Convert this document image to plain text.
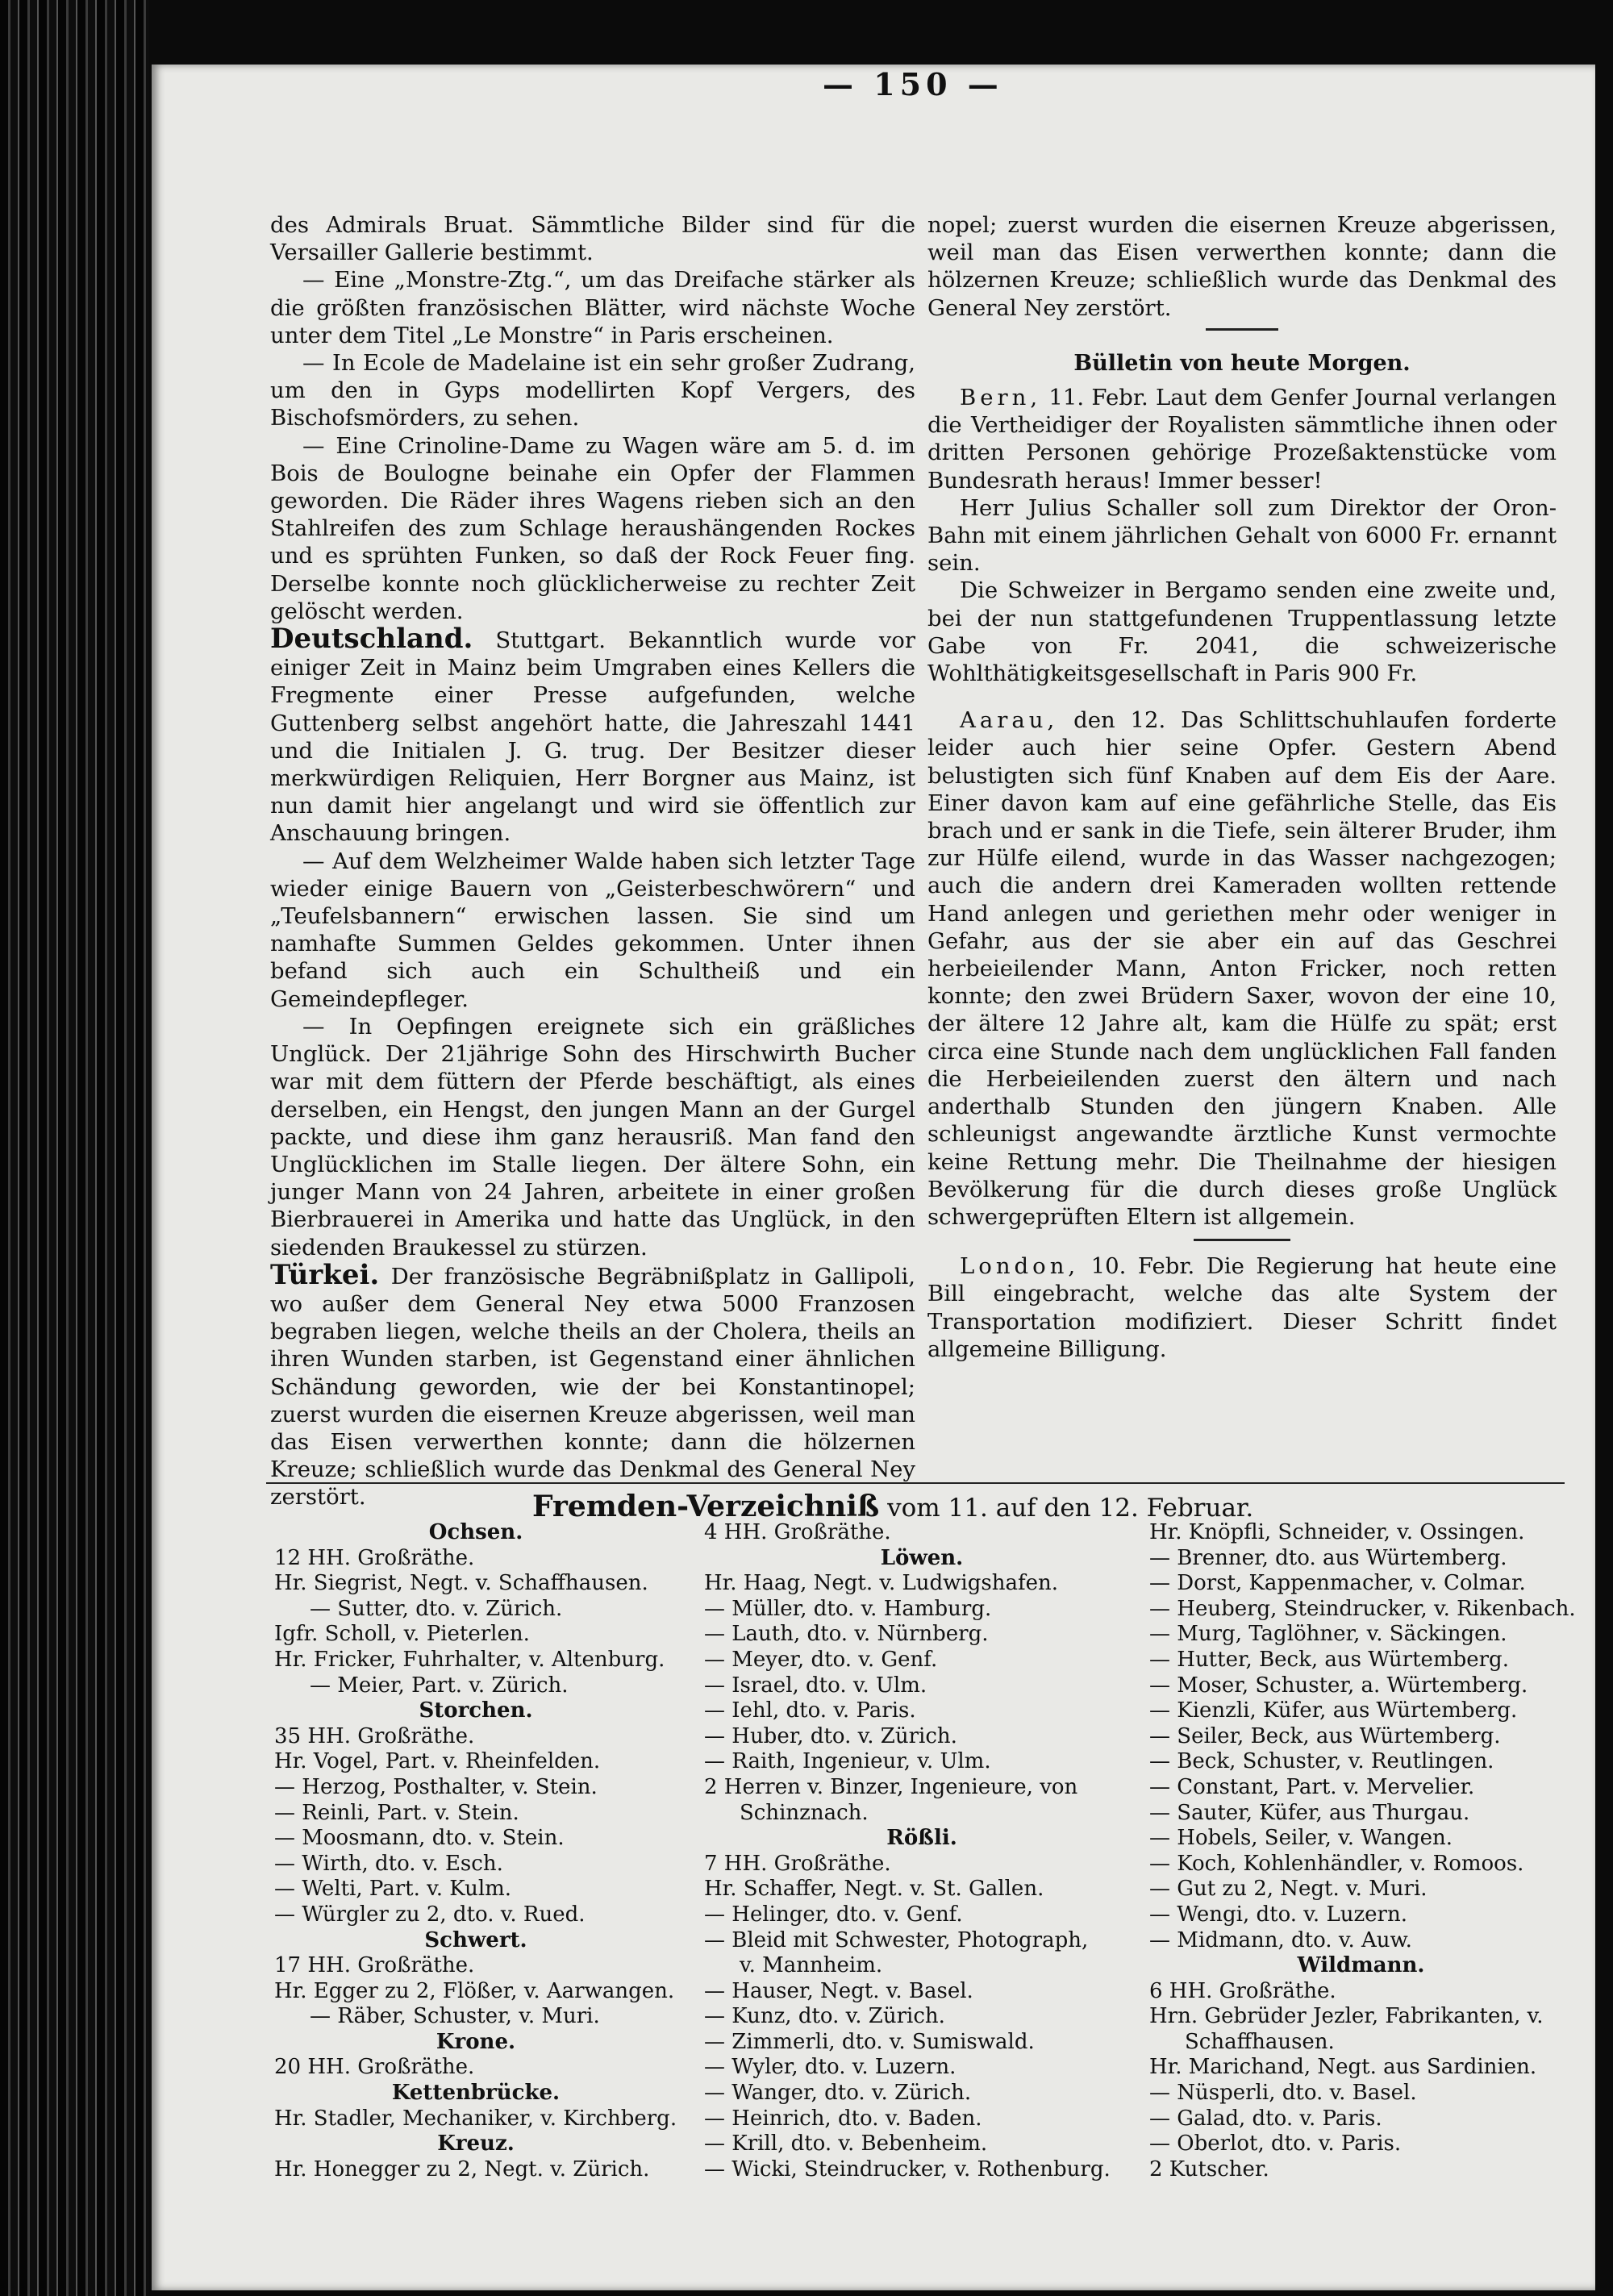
— 150 —

des Admirals Bruat. Sämmtliche Bilder sind für die Versailler Gallerie bestimmt.

— Eine „Monstre-Ztg.“, um das Dreifache stärker als die größten französischen Blätter, wird nächste Woche unter dem Titel „Le Monstre“ in Paris erscheinen.

— In Ecole de Madelaine ist ein sehr großer Zudrang, um den in Gyps modellirten Kopf Vergers, des Bischofsmörders, zu sehen.

— Eine Crinoline-Dame zu Wagen wäre am 5. d. im Bois de Boulogne beinahe ein Opfer der Flammen geworden. Die Räder ihres Wagens rieben sich an den Stahlreifen des zum Schlage heraushängenden Rockes und es sprühten Funken, so daß der Rock Feuer fing. Derselbe konnte noch glücklicherweise zu rechter Zeit gelöscht werden.

Deutschland. Stuttgart. Bekanntlich wurde vor einiger Zeit in Mainz beim Umgraben eines Kellers die Fregmente einer Presse aufgefunden, welche Guttenberg selbst angehört hatte, die Jahreszahl 1441 und die Initialen J. G. trug. Der Besitzer dieser merkwürdigen Reliquien, Herr Borgner aus Mainz, ist nun damit hier angelangt und wird sie öffentlich zur Anschauung bringen.

— Auf dem Welzheimer Walde haben sich letzter Tage wieder einige Bauern von „Geisterbeschwörern“ und „Teufelsbannern“ erwischen lassen. Sie sind um namhafte Summen Geldes gekommen. Unter ihnen befand sich auch ein Schultheiß und ein Gemeindepfleger.

— In Oepfingen ereignete sich ein gräßliches Unglück. Der 21jährige Sohn des Hirschwirth Bucher war mit dem füttern der Pferde beschäftigt, als eines derselben, ein Hengst, den jungen Mann an der Gurgel packte, und diese ihm ganz herausriß. Man fand den Unglücklichen im Stalle liegen. Der ältere Sohn, ein junger Mann von 24 Jahren, arbeitete in einer großen Bierbrauerei in Amerika und hatte das Unglück, in den siedenden Braukessel zu stürzen.

Türkei. Der französische Begräbnißplatz in Gallipoli, wo außer dem General Ney etwa 5000 Franzosen begraben liegen, welche theils an der Cholera, theils an ihren Wunden starben, ist Gegenstand einer ähnlichen Schändung geworden, wie der bei Konstantinopel; zuerst wurden die eisernen Kreuze abgerissen, weil man das Eisen verwerthen konnte; dann die hölzernen Kreuze; schließlich wurde das Denkmal des General Ney zerstört.

nopel; zuerst wurden die eisernen Kreuze abgerissen, weil man das Eisen verwerthen konnte; dann die hölzernen Kreuze; schließlich wurde das Denkmal des General Ney zerstört.

Bülletin von heute Morgen.

Bern, 11. Febr. Laut dem Genfer Journal verlangen die Vertheidiger der Royalisten sämmtliche ihnen oder dritten Personen gehörige Prozeßaktenstücke vom Bundesrath heraus! Immer besser!

Herr Julius Schaller soll zum Direktor der Oron-Bahn mit einem jährlichen Gehalt von 6000 Fr. ernannt sein.

Die Schweizer in Bergamo senden eine zweite und, bei der nun stattgefundenen Truppentlassung letzte Gabe von Fr. 2041, die schweizerische Wohlthätigkeitsgesellschaft in Paris 900 Fr.

Aarau, den 12. Das Schlittschuhlaufen forderte leider auch hier seine Opfer. Gestern Abend belustigten sich fünf Knaben auf dem Eis der Aare. Einer davon kam auf eine gefährliche Stelle, das Eis brach und er sank in die Tiefe, sein älterer Bruder, ihm zur Hülfe eilend, wurde in das Wasser nachgezogen; auch die andern drei Kameraden wollten rettende Hand anlegen und geriethen mehr oder weniger in Gefahr, aus der sie aber ein auf das Geschrei herbeieilender Mann, Anton Fricker, noch retten konnte; den zwei Brüdern Saxer, wovon der eine 10, der ältere 12 Jahre alt, kam die Hülfe zu spät; erst circa eine Stunde nach dem unglücklichen Fall fanden die Herbeieilenden zuerst den ältern und nach anderthalb Stunden den jüngern Knaben. Alle schleunigst angewandte ärztliche Kunst vermochte keine Rettung mehr. Die Theilnahme der hiesigen Bevölkerung für die durch dieses große Unglück schwergeprüften Eltern ist allgemein.

London, 10. Febr. Die Regierung hat heute eine Bill eingebracht, welche das alte System der Transportation modifiziert. Dieser Schritt findet allgemeine Billigung.

Fremden-Verzeichniß vom 11. auf den 12. Februar.
Ochsen.
12 HH. Großräthe.
Hr. Siegrist, Negt. v. Schaffhausen.
— Sutter, dto. v. Zürich.
Igfr. Scholl, v. Pieterlen.
Hr. Fricker, Fuhrhalter, v. Altenburg.
— Meier, Part. v. Zürich.
Storchen.
35 HH. Großräthe.
Hr. Vogel, Part. v. Rheinfelden.
— Herzog, Posthalter, v. Stein.
— Reinli, Part. v. Stein.
— Moosmann, dto. v. Stein.
— Wirth, dto. v. Esch.
— Welti, Part. v. Kulm.
— Würgler zu 2, dto. v. Rued.
Schwert.
17 HH. Großräthe.
Hr. Egger zu 2, Flößer, v. Aarwangen.
— Räber, Schuster, v. Muri.
Krone.
20 HH. Großräthe.
Kettenbrücke.
Hr. Stadler, Mechaniker, v. Kirchberg.
Kreuz.
Hr. Honegger zu 2, Negt. v. Zürich.
4 HH. Großräthe.
Löwen.
Hr. Haag, Negt. v. Ludwigshafen.
— Müller, dto. v. Hamburg.
— Lauth, dto. v. Nürnberg.
— Meyer, dto. v. Genf.
— Israel, dto. v. Ulm.
— Iehl, dto. v. Paris.
— Huber, dto. v. Zürich.
— Raith, Ingenieur, v. Ulm.
2 Herren v. Binzer, Ingenieure, von
Schinznach.
Rößli.
7 HH. Großräthe.
Hr. Schaffer, Negt. v. St. Gallen.
— Helinger, dto. v. Genf.
— Bleid mit Schwester, Photograph,
v. Mannheim.
— Hauser, Negt. v. Basel.
— Kunz, dto. v. Zürich.
— Zimmerli, dto. v. Sumiswald.
— Wyler, dto. v. Luzern.
— Wanger, dto. v. Zürich.
— Heinrich, dto. v. Baden.
— Krill, dto. v. Bebenheim.
— Wicki, Steindrucker, v. Rothenburg.
Hr. Knöpfli, Schneider, v. Ossingen.
— Brenner, dto. aus Würtemberg.
— Dorst, Kappenmacher, v. Colmar.
— Heuberg, Steindrucker, v. Rikenbach.
— Murg, Taglöhner, v. Säckingen.
— Hutter, Beck, aus Würtemberg.
— Moser, Schuster, a. Würtemberg.
— Kienzli, Küfer, aus Würtemberg.
— Seiler, Beck, aus Würtemberg.
— Beck, Schuster, v. Reutlingen.
— Constant, Part. v. Mervelier.
— Sauter, Küfer, aus Thurgau.
— Hobels, Seiler, v. Wangen.
— Koch, Kohlenhändler, v. Romoos.
— Gut zu 2, Negt. v. Muri.
— Wengi, dto. v. Luzern.
— Midmann, dto. v. Auw.
Wildmann.
6 HH. Großräthe.
Hrn. Gebrüder Jezler, Fabrikanten, v.
Schaffhausen.
Hr. Marichand, Negt. aus Sardinien.
— Nüsperli, dto. v. Basel.
— Galad, dto. v. Paris.
— Oberlot, dto. v. Paris.
2 Kutscher.
